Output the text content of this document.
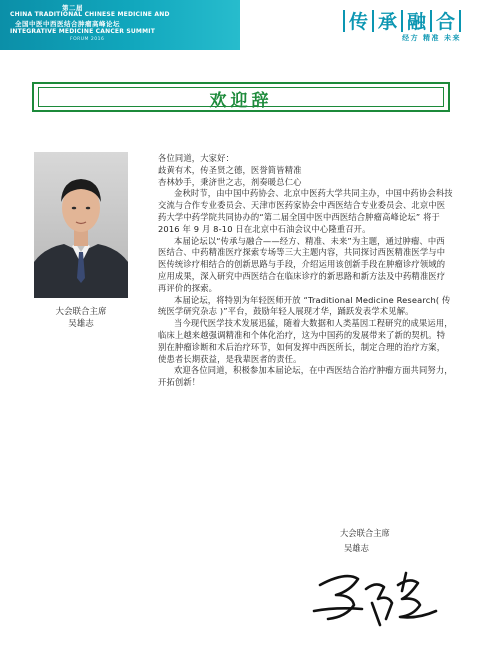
第二届
CHINA TRADITIONAL CHINESE MEDICINE AND
全国中医中西医结合肿瘤高峰论坛
INTEGRATIVE MEDICINE CANCER SUMMIT
FORUM 2016
传 承 融 合
经方 精准 未来
欢迎辞
大会联合主席
吴雄志

各位同道，大家好：

歧黄有术，传圣贤之德，医誉简皆精准

杏林妙手，秉济世之志，剂奏暖总仁心

金秋时节，由中国中药协会、北京中医药大学共同主办，中国中药协会科技交流与合作专业委员会、天津市医药家协会中西医结合专业委员会、北京中医药大学中药学院共同协办的“第二届全国中医中西医结合肿瘤高峰论坛” 将于 2016 年 9 月 8-10 日在北京中石油会议中心隆重召开。

本届论坛以“传承与融合——经方、精准、未来”为主题，通过肿瘤、中西医结合、中药精准医疗探索专场等三大主题内容，共同探讨西医精准医学与中医传统诊疗相结合的创新思路与手段，介绍运用该创新手段在肿瘤诊疗领域的应用成果，深入研究中西医结合在临床诊疗的新思路和新方法及中药精准医疗再评价的探索。

本届论坛，将特别为年轻医师开放 “Traditional Medicine Research( 传统医学研究杂志 )”平台，鼓励年轻人展现才华，踊跃发表学术见解。

当今现代医学技术发展迅猛，随着大数据和人类基因工程研究的成果运用，临床上越来越强调精准和个体化治疗，这为中国药的发展带来了新的契机。特别在肿瘤诊断和术后治疗环节，如何发挥中西医所长，制定合理的治疗方案，使患者长期获益，是我辈医者的责任。

欢迎各位同道，积极参加本届论坛，在中西医结合治疗肿瘤方面共同努力，开拓创新！

大会联合主席
吴雄志
